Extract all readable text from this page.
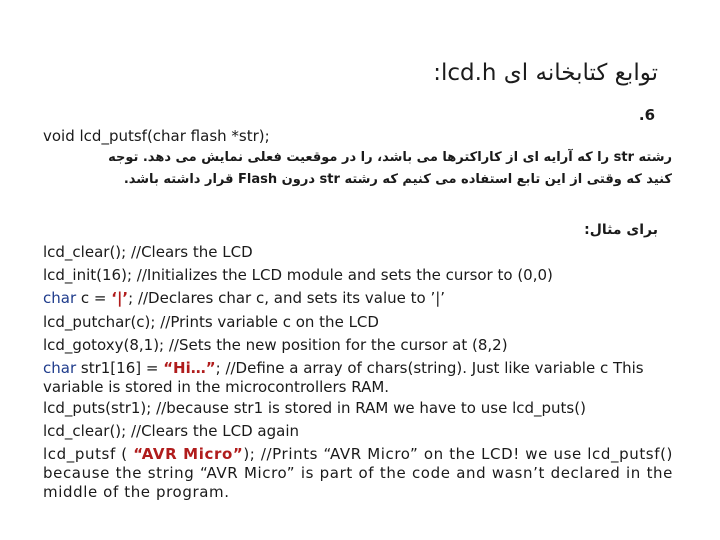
توابع کتابخانه ای lcd.h:
6.
void lcd_putsf(char flash *str);
رشته str را که آرایه ای از کاراکترها می باشد، را در موقعیت فعلی نمایش می دهد. توجه
کنید که وقتی از این تابع استفاده می کنیم که رشته str درون Flash قرار داشته باشد.
برای مثال:
lcd_clear(); //Clears the LCD
lcd_init(16); //Initializes the LCD module and sets the cursor to (0,0)
char c = ‘|’; //Declares char c, and sets its value to ’|’
lcd_putchar(c); //Prints variable c on the LCD
lcd_gotoxy(8,1); //Sets the new position for the cursor at (8,2)
char str1[16] = “Hi…”; //Define a array of chars(string). Just like variable c This variable is stored in the microcontrollers RAM.
lcd_puts(str1); //because str1 is stored in RAM we have to use lcd_puts()
lcd_clear(); //Clears the LCD again
lcd_putsf ( “AVR Micro”); //Prints “AVR Micro” on the LCD! we use lcd_putsf() because the string “AVR Micro” is part of the code and wasn’t declared in the middle of the program.
